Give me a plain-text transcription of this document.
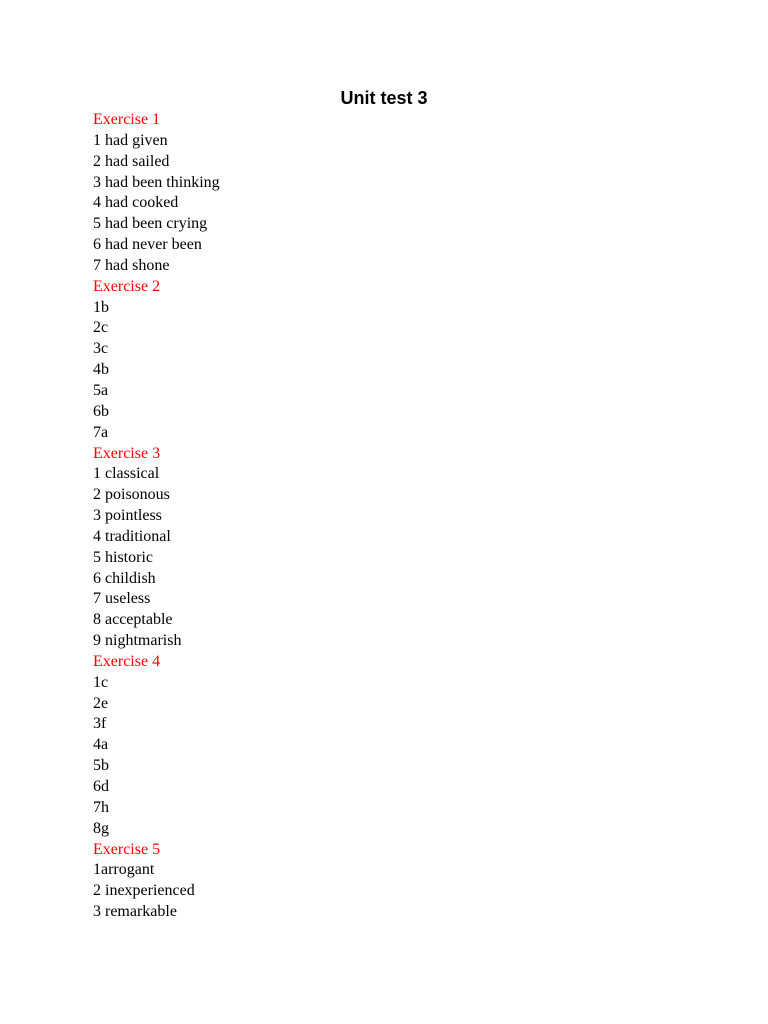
Unit test 3
Exercise 1
1 had given
2 had sailed
3 had been thinking
4 had cooked
5 had been crying
6 had never been
7 had shone
Exercise 2
1b
2c
3c
4b
5a
6b
7a
Exercise 3
1 classical
2 poisonous
3 pointless
4 traditional
5 historic
6 childish
7 useless
8 acceptable
9 nightmarish
Exercise 4
1c
2e
3f
4a
5b
6d
7h
8g
Exercise 5
1arrogant
2 inexperienced
3 remarkable
